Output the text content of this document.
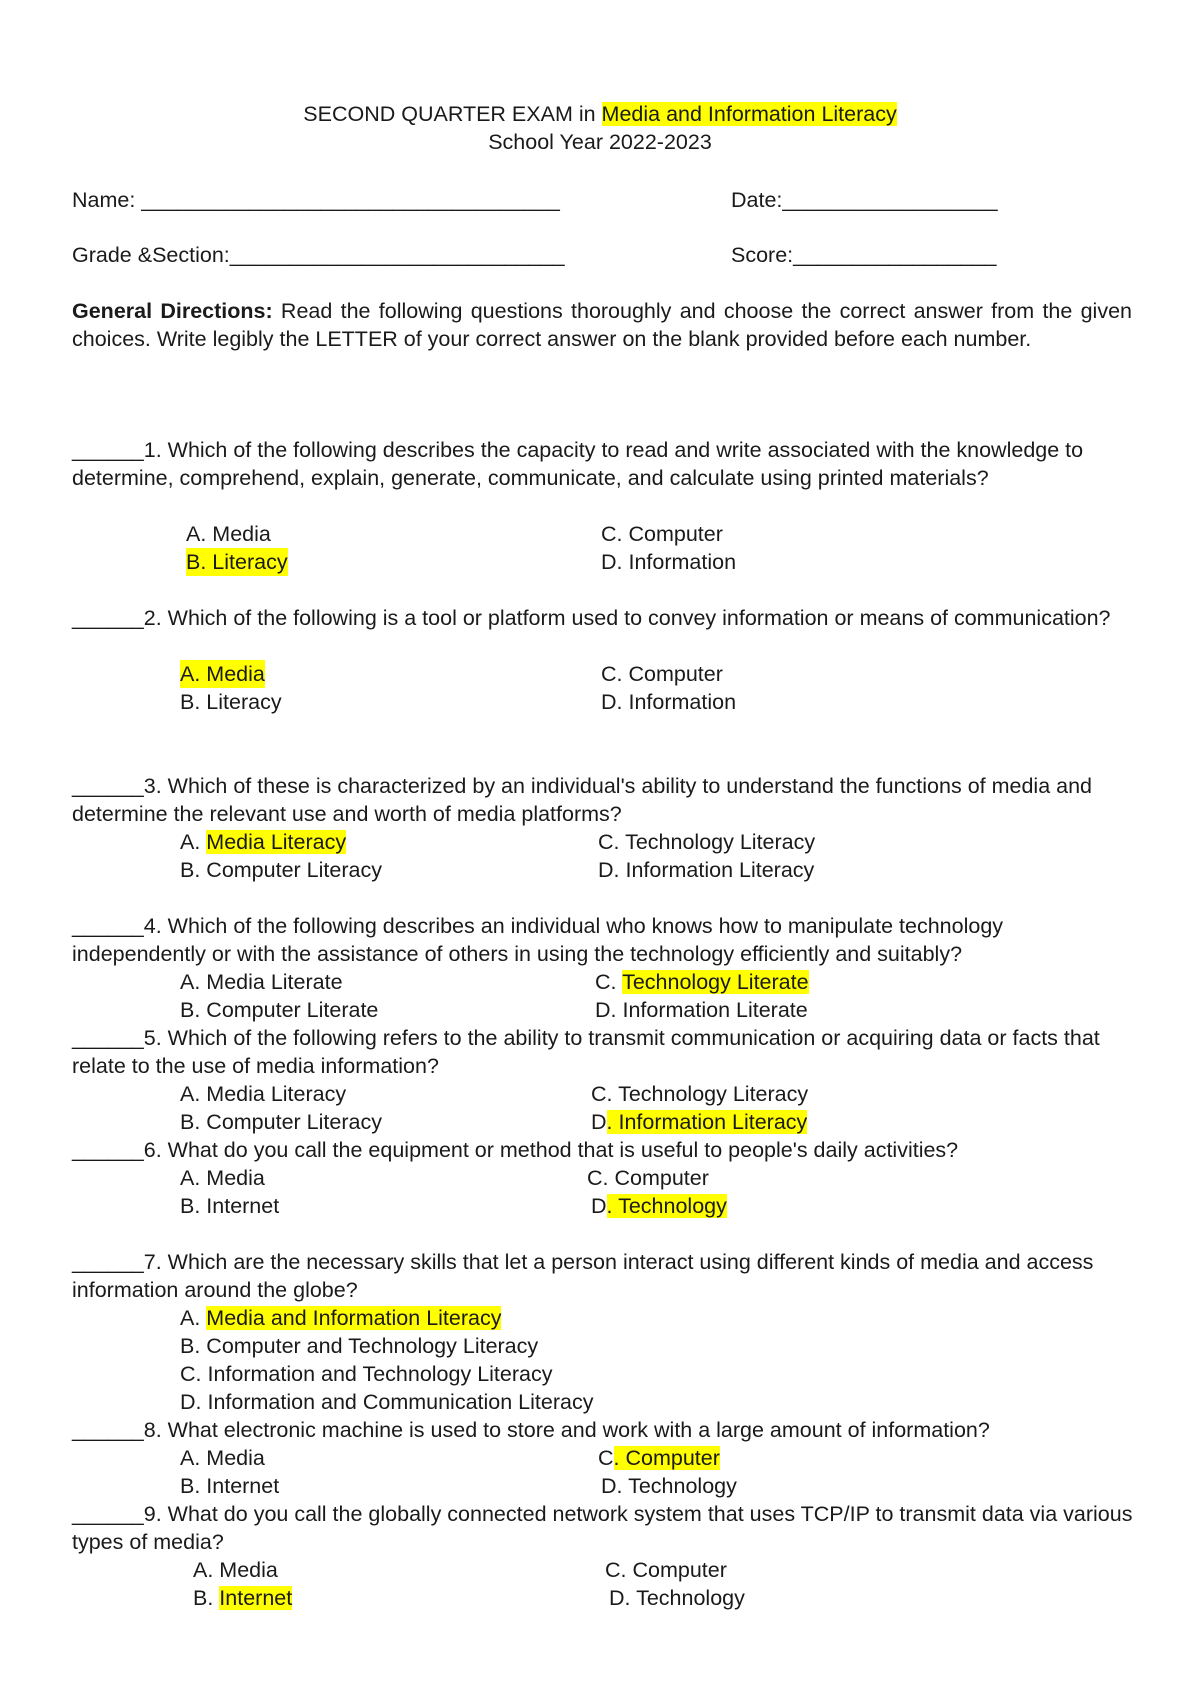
SECOND QUARTER EXAM in Media and Information Literacy
School Year 2022-2023
Name: ___________________________________	Date:__________________
Grade &Section:____________________________	Score:_________________
General Directions: Read the following questions thoroughly and choose the correct answer from the given choices. Write legibly the LETTER of your correct answer on the blank provided before each number.
______1. Which of the following describes the capacity to read and write associated with the knowledge to determine, comprehend, explain, generate, communicate, and calculate using printed materials?
A. Media
B. Literacy
C. Computer
D. Information
______2. Which of the following is a tool or platform used to convey information or means of communication?
A. Media
B. Literacy
C. Computer
D. Information
______3. Which of these is characterized by an individual's ability to understand the functions of media and determine the relevant use and worth of media platforms?
A. Media Literacy
B. Computer Literacy
C. Technology Literacy
D. Information Literacy
______4. Which of the following describes an individual who knows how to manipulate technology independently or with the assistance of others in using the technology efficiently and suitably?
A. Media Literate
B. Computer Literate
C. Technology Literate
D. Information Literate
______5. Which of the following refers to the ability to transmit communication or acquiring data or facts that relate to the use of media information?
A. Media Literacy
B. Computer Literacy
C. Technology Literacy
D. Information Literacy
______6. What do you call the equipment or method that is useful to people's daily activities?
A. Media
B. Internet
C. Computer
D. Technology
______7. Which are the necessary skills that let a person interact using different kinds of media and access information around the globe?
A. Media and Information Literacy
B. Computer and Technology Literacy
C. Information and Technology Literacy
D. Information and Communication Literacy
______8. What electronic machine is used to store and work with a large amount of information?
A. Media
B. Internet
C. Computer
D. Technology
______9. What do you call the globally connected network system that uses TCP/IP to transmit data via various types of media?
A. Media
B. Internet
C. Computer
D. Technology
